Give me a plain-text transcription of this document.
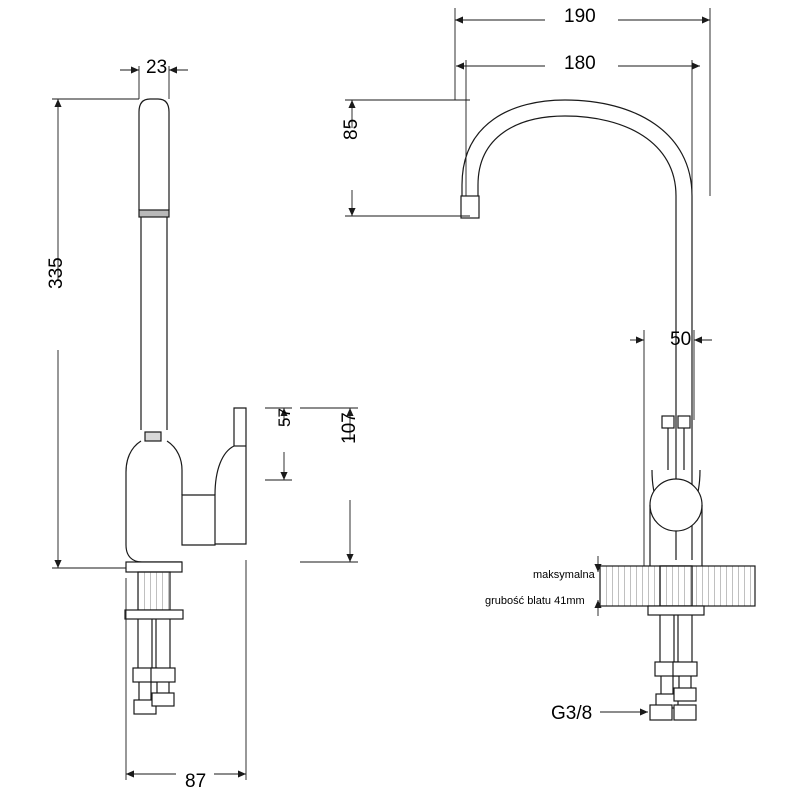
190
180
85
50
23
335
57 107
87
G3/8
maksymalna
grubość blatu 41mm
